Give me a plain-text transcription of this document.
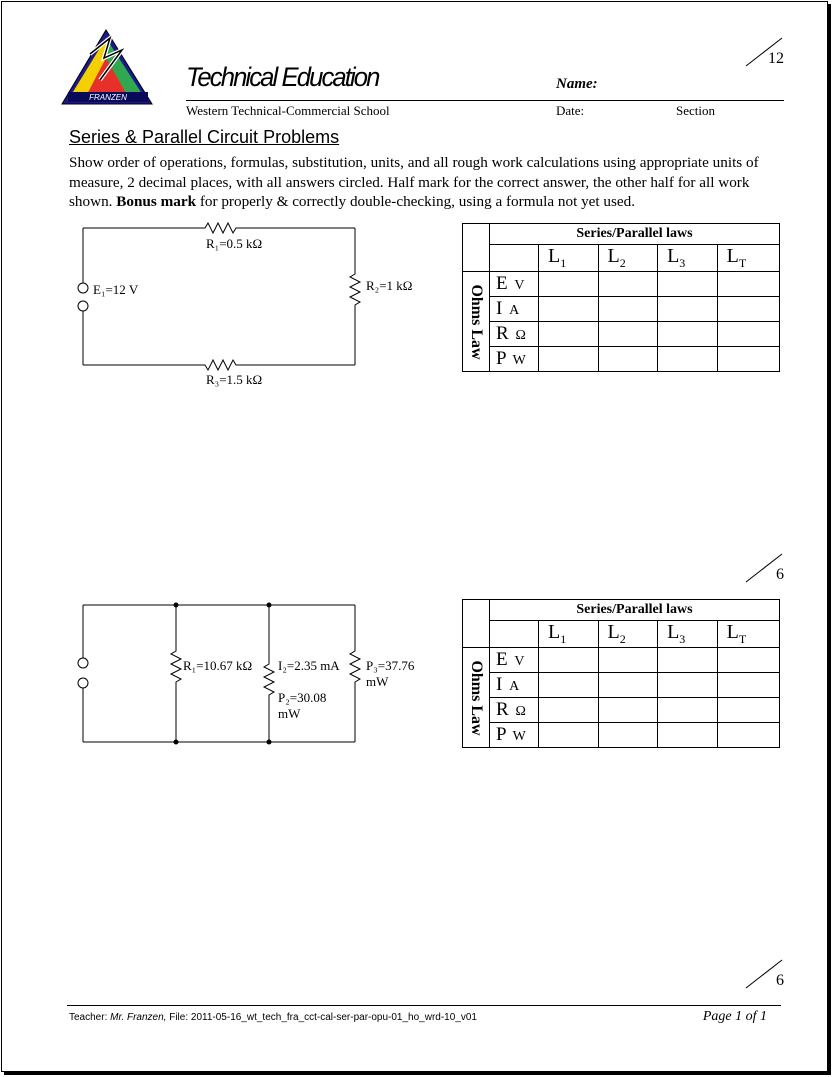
FRANZEN
Technical Education
Western Technical-Commercial School
Name:
Date:	Section
12
6
6
Series & Parallel Circuit Problems
Show order of operations, formulas, substitution, units, and all rough work calculations using appropriate units of measure, 2 decimal places, with all answers circled. Half mark for the correct answer, the other half for all work shown. Bonus mark for properly & correctly double-checking, using a formula not yet used.
R₁=0.5 kΩ
E₁=12 V	R₂=1 kΩ
R₃=1.5 kΩ
R₁=10.67 kΩ I₂=2.35 mA
P₂=30.08
mW
P₃=37.76
mW
	Series/Parallel laws				
		$L_1$	$L_2$	$L_3$	$L_T$

Ohms Law	E V				
	I A				
	R Ω				
	P W				
	Series/Parallel laws				
		$L_1$	$L_2$	$L_3$	$L_T$

Ohms Law	E V				
	I A				
	R Ω				
	P W				
Teacher: Mr. Franzen, File: 2011-05-16_wt_tech_fra_cct-cal-ser-par-opu-01_ho_wrd-10_v01	Page 1 of 1
